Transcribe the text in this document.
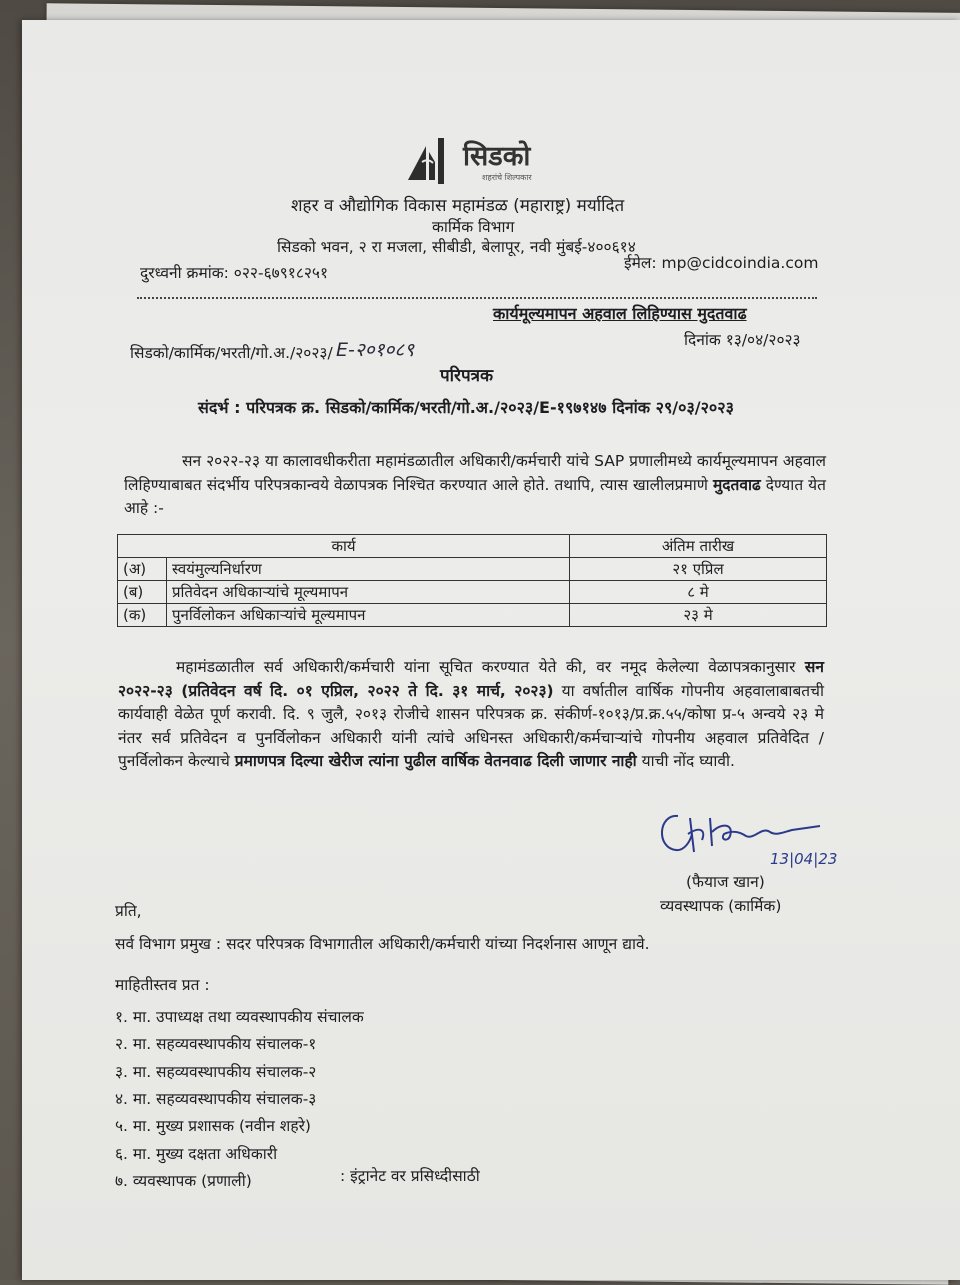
सिडको
शहरांचे शिल्पकार
शहर व औद्योगिक विकास महामंडळ (महाराष्ट्र) मर्यादित
कार्मिक विभाग
सिडको भवन, २ रा मजला, सीबीडी, बेलापूर, नवी मुंबई-४००६१४
ईमेल: mp@cidcoindia.com
दुरध्वनी क्रमांक: ०२२-६७९१८२५१
कार्यमूल्यमापन अहवाल लिहिण्यास मुदतवाढ
सिडको/कार्मिक/भरती/गो.अ./२०२३/ E-२०१०८९	दिनांक १३/०४/२०२३
परिपत्रक
संदर्भ : परिपत्रक क्र. सिडको/कार्मिक/भरती/गो.अ./२०२३/E-१९७१४७ दिनांक २९/०३/२०२३
सन २०२२-२३ या कालावधीकरीता महामंडळातील अधिकारी/कर्मचारी यांचे SAP प्रणालीमध्ये कार्यमूल्यमापन अहवाल लिहिण्याबाबत संदर्भीय परिपत्रकान्वये वेळापत्रक निश्चित करण्यात आले होते. तथापि, त्यास खालीलप्रमाणे मुदतवाढ देण्यात येत आहे :-
कार्य		अंतिम तारीख
(अ)	स्वयंमुल्यनिर्धारण	२१ एप्रिल
(ब)	प्रतिवेदन अधिकाऱ्यांचे मूल्यमापन	८ मे
(क)	पुनर्विलोकन अधिकाऱ्यांचे मूल्यमापन	२३ मे
महामंडळातील सर्व अधिकारी/कर्मचारी यांना सूचित करण्यात येते की, वर नमूद केलेल्या वेळापत्रकानुसार सन २०२२-२३ (प्रतिवेदन वर्ष दि. ०१ एप्रिल, २०२२ ते दि. ३१ मार्च, २०२३) या वर्षातील वार्षिक गोपनीय अहवालाबाबतची कार्यवाही वेळेत पूर्ण करावी. दि. ९ जुलै, २०१३ रोजीचे शासन परिपत्रक क्र. संकीर्ण-१०१३/प्र.क्र.५५/कोषा प्र-५ अन्वये २३ मे नंतर सर्व प्रतिवेदन व पुनर्विलोकन अधिकारी यांनी त्यांचे अधिनस्त अधिकारी/कर्मचाऱ्यांचे गोपनीय अहवाल प्रतिवेदित / पुनर्विलोकन केल्याचे प्रमाणपत्र दिल्या खेरीज त्यांना पुढील वार्षिक वेतनवाढ दिली जाणार नाही याची नोंद घ्यावी.
13|04|23
(फैयाज खान)
व्यवस्थापक (कार्मिक)
प्रति,
सर्व विभाग प्रमुख : सदर परिपत्रक विभागातील अधिकारी/कर्मचारी यांच्या निदर्शनास आणून द्यावे.
माहितीस्तव प्रत :
१. मा. उपाध्यक्ष तथा व्यवस्थापकीय संचालक
२. मा. सहव्यवस्थापकीय संचालक-१
३. मा. सहव्यवस्थापकीय संचालक-२
४. मा. सहव्यवस्थापकीय संचालक-३
५. मा. मुख्य प्रशासक (नवीन शहरे)
६. मा. मुख्य दक्षता अधिकारी
७. व्यवस्थापक (प्रणाली)	: इंट्रानेट वर प्रसिध्दीसाठी
